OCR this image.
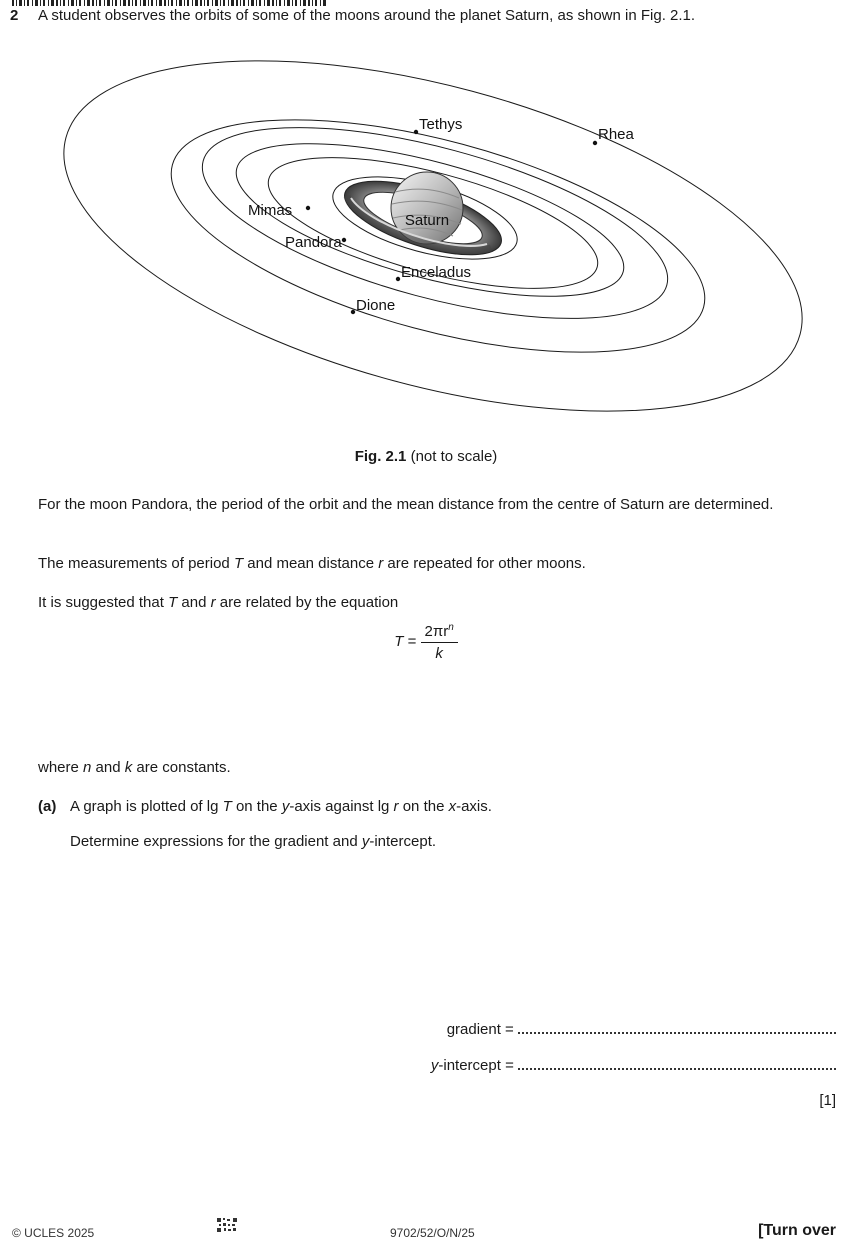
2 A student observes the orbits of some of the moons around the planet Saturn, as shown in Fig. 2.1.
Saturn
Tethys
Rhea
Mimas
Pandora
Enceladus
Dione
Fig. 2.1 (not to scale)
For the moon Pandora, the period of the orbit and the mean distance from the centre of Saturn are determined.
The measurements of period T and mean distance r are repeated for other moons.
It is suggested that T and r are related by the equation
$T = \frac{2\pi r^n}{k}$
where n and k are constants.
(a) A graph is plotted of lg T on the y-axis against lg r on the x-axis.
Determine expressions for the gradient and y-intercept.
gradient =
y-intercept =
[1]
© UCLES 2025	9702/52/O/N/25	[Turn over
